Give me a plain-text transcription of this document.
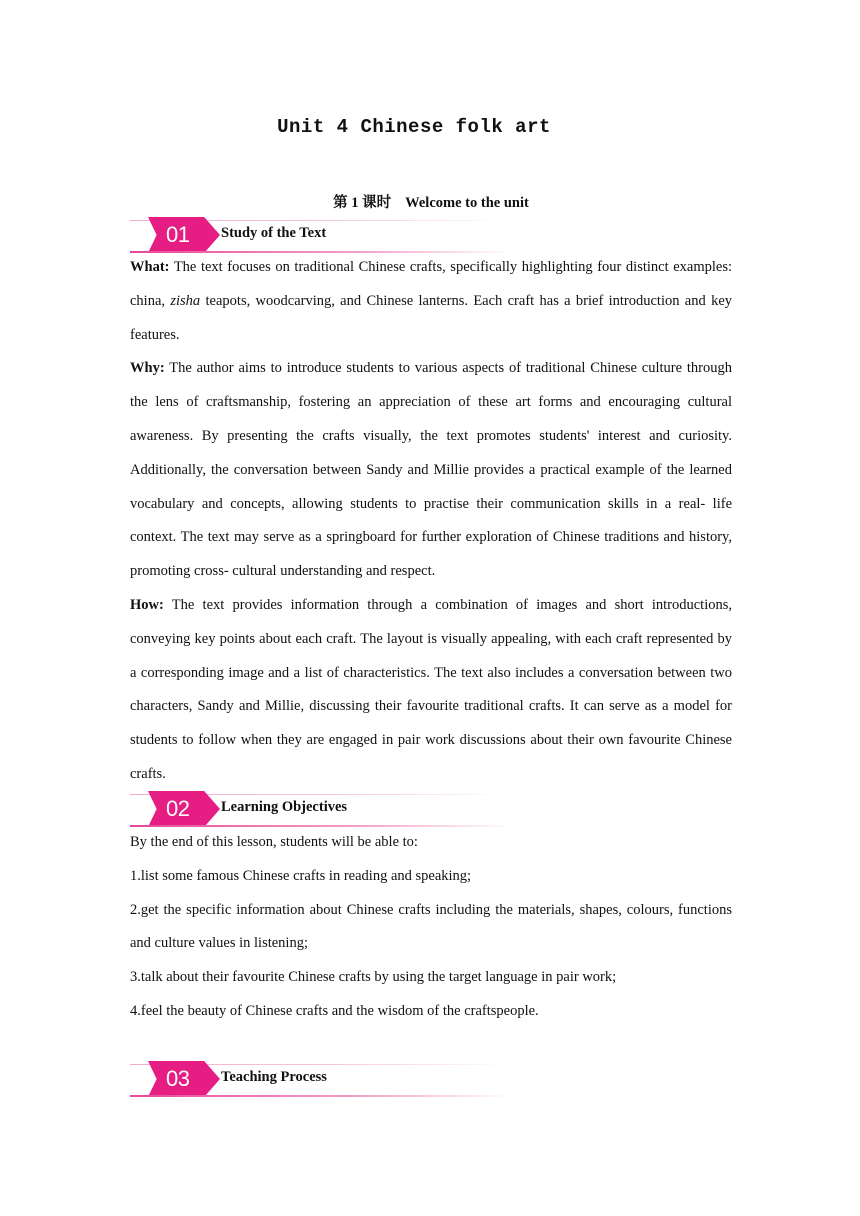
Unit 4 Chinese folk art
第 1 课时 Welcome to the unit
01	Study of the Text

What: The text focuses on traditional Chinese crafts, specifically highlighting four distinct examples: china, zisha teapots, woodcarving, and Chinese lanterns. Each craft has a brief introduction and key features.

Why: The author aims to introduce students to various aspects of traditional Chinese culture through the lens of craftsmanship, fostering an appreciation of these art forms and encouraging cultural awareness. By presenting the crafts visually, the text promotes students' interest and curiosity. Additionally, the conversation between Sandy and Millie provides a practical example of the learned vocabulary and concepts, allowing students to practise their communication skills in a real‑ life context. The text may serve as a springboard for further exploration of Chinese traditions and history, promoting cross‑ cultural understanding and respect.

How: The text provides information through a combination of images and short introductions, conveying key points about each craft. The layout is visually appealing, with each craft represented by a corresponding image and a list of characteristics. The text also includes a conversation between two characters, Sandy and Millie, discussing their favourite traditional crafts. It can serve as a model for students to follow when they are engaged in pair work discussions about their own favourite Chinese crafts.

02	Learning Objectives

By the end of this lesson, students will be able to:

1.list some famous Chinese crafts in reading and speaking;

2.get the specific information about Chinese crafts including the materials, shapes, colours, functions and culture values in listening;

3.talk about their favourite Chinese crafts by using the target language in pair work;

4.feel the beauty of Chinese crafts and the wisdom of the craftspeople.

03	Teaching Process
